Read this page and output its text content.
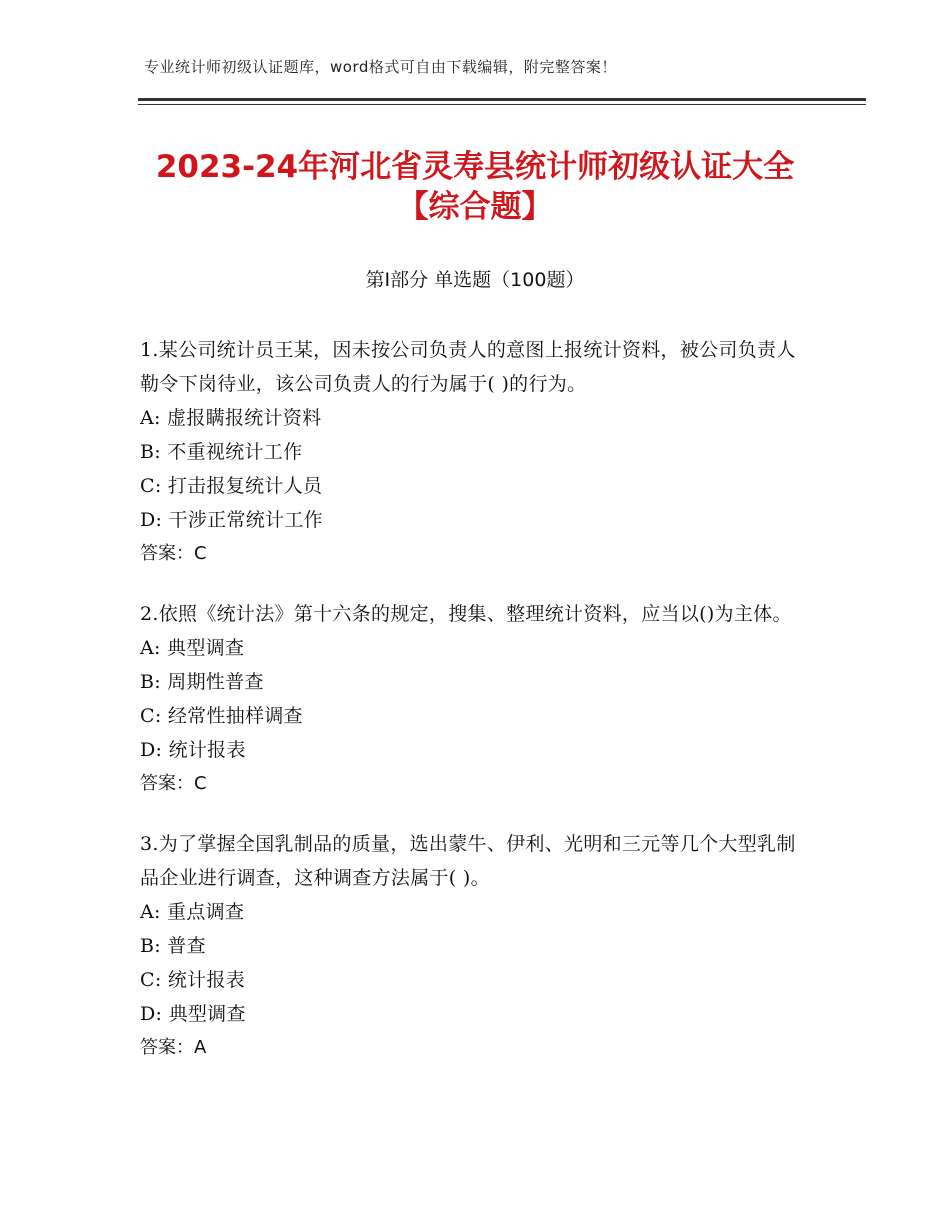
专业统计师初级认证题库，word格式可自由下载编辑，附完整答案！
2023-24年河北省灵寿县统计师初级认证大全【综合题】
第Ⅰ部分 单选题（100题）

1.某公司统计员王某，因未按公司负责人的意图上报统计资料，被公司负责人勒令下岗待业，该公司负责人的行为属于( )的行为。

A: 虚报瞒报统计资料
B: 不重视统计工作
C: 打击报复统计人员
D: 干涉正常统计工作
答案：C

2.依照《统计法》第十六条的规定，搜集、整理统计资料，应当以()为主体。

A: 典型调查
B: 周期性普查
C: 经常性抽样调查
D: 统计报表
答案：C

3.为了掌握全国乳制品的质量，选出蒙牛、伊利、光明和三元等几个大型乳制品企业进行调查，这种调查方法属于( )。

A: 重点调查
B: 普查
C: 统计报表
D: 典型调查
答案：A
